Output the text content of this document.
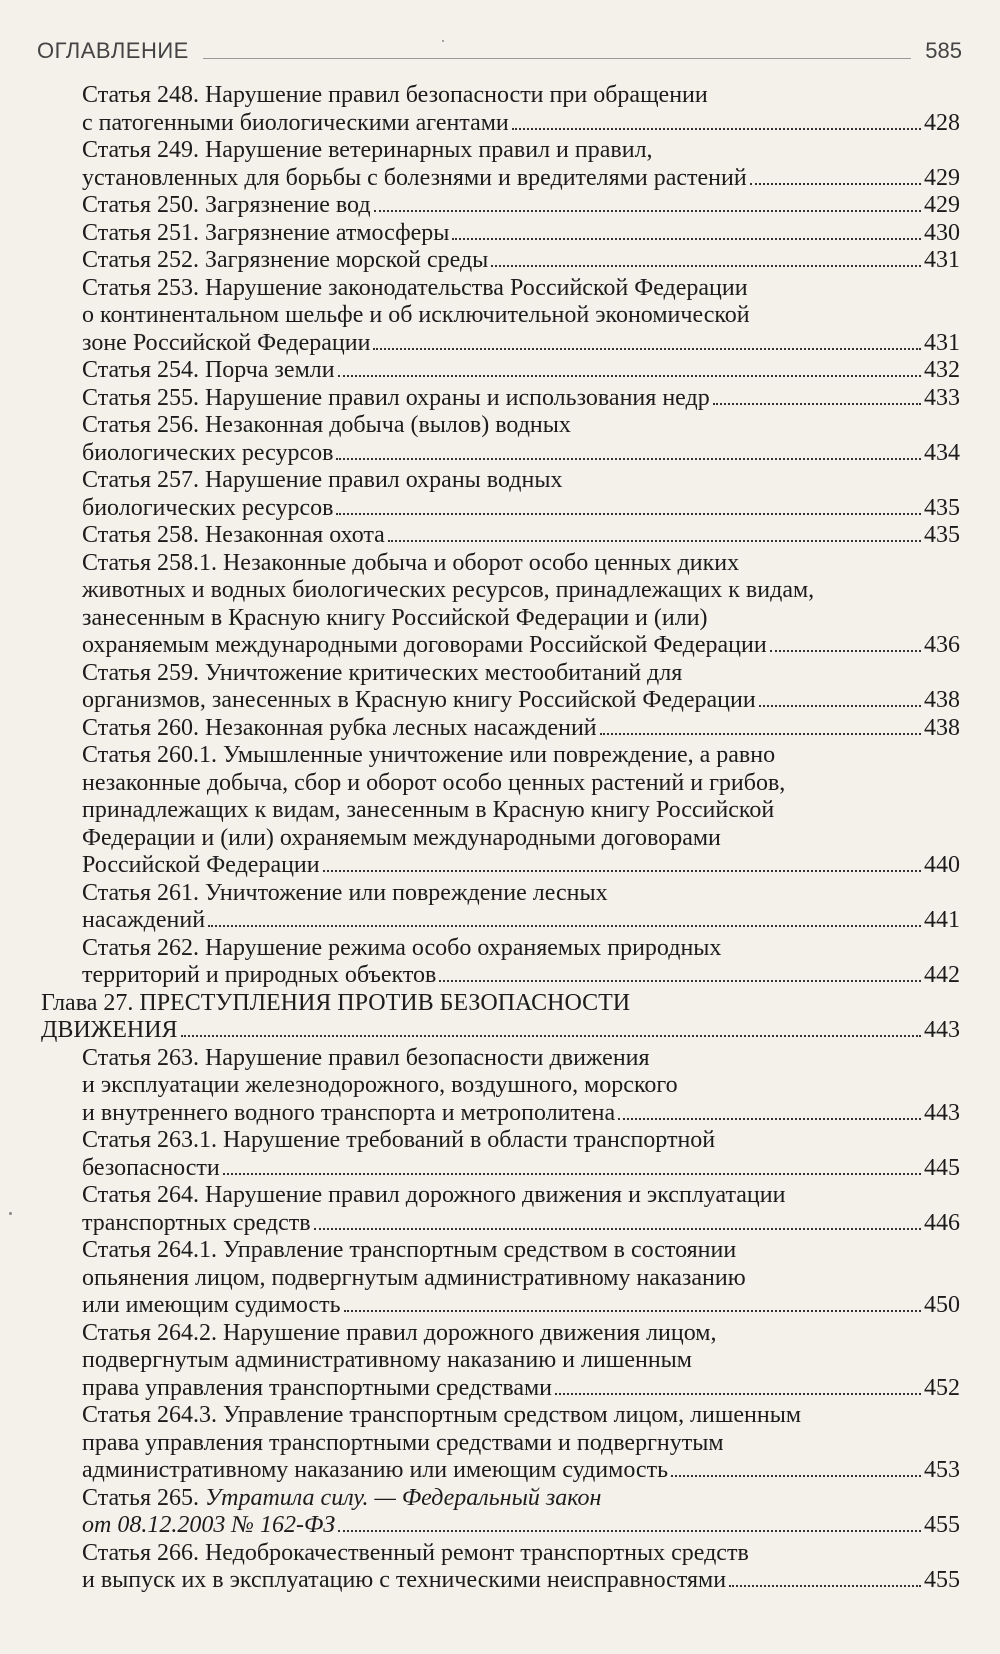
ОГЛАВЛЕНИЕ	585
Статья 248. Нарушение правил безопасности при обращении
с патогенными биологическими агентами	428
Статья 249. Нарушение ветеринарных правил и правил,
установленных для борьбы с болезнями и вредителями растений	429
Статья 250. Загрязнение вод	429
Статья 251. Загрязнение атмосферы	430
Статья 252. Загрязнение морской среды	431
Статья 253. Нарушение законодательства Российской Федерации
о континентальном шельфе и об исключительной экономической
зоне Российской Федерации	431
Статья 254. Порча земли	432
Статья 255. Нарушение правил охраны и использования недр	433
Статья 256. Незаконная добыча (вылов) водных
биологических ресурсов	434
Статья 257. Нарушение правил охраны водных
биологических ресурсов	435
Статья 258. Незаконная охота	435
Статья 258.1. Незаконные добыча и оборот особо ценных диких
животных и водных биологических ресурсов, принадлежащих к видам,
занесенным в Красную книгу Российской Федерации и (или)
охраняемым международными договорами Российской Федерации	436
Статья 259. Уничтожение критических местообитаний для
организмов, занесенных в Красную книгу Российской Федерации	438
Статья 260. Незаконная рубка лесных насаждений	438
Статья 260.1. Умышленные уничтожение или повреждение, а равно
незаконные добыча, сбор и оборот особо ценных растений и грибов,
принадлежащих к видам, занесенным в Красную книгу Российской
Федерации и (или) охраняемым международными договорами
Российской Федерации	440
Статья 261. Уничтожение или повреждение лесных
насаждений	441
Статья 262. Нарушение режима особо охраняемых природных
территорий и природных объектов	442
Глава 27. ПРЕСТУПЛЕНИЯ ПРОТИВ БЕЗОПАСНОСТИ
ДВИЖЕНИЯ	443
Статья 263. Нарушение правил безопасности движения
и эксплуатации железнодорожного, воздушного, морского
и внутреннего водного транспорта и метрополитена	443
Статья 263.1. Нарушение требований в области транспортной
безопасности	445
Статья 264. Нарушение правил дорожного движения и эксплуатации
транспортных средств	446
Статья 264.1. Управление транспортным средством в состоянии
опьянения лицом, подвергнутым административному наказанию
или имеющим судимость	450
Статья 264.2. Нарушение правил дорожного движения лицом,
подвергнутым административному наказанию и лишенным
права управления транспортными средствами	452
Статья 264.3. Управление транспортным средством лицом, лишенным
права управления транспортными средствами и подвергнутым
административному наказанию или имеющим судимость	453
Статья 265. Утратила силу. — Федеральный закон
от 08.12.2003 № 162-ФЗ	455
Статья 266. Недоброкачественный ремонт транспортных средств
и выпуск их в эксплуатацию с техническими неисправностями	455
